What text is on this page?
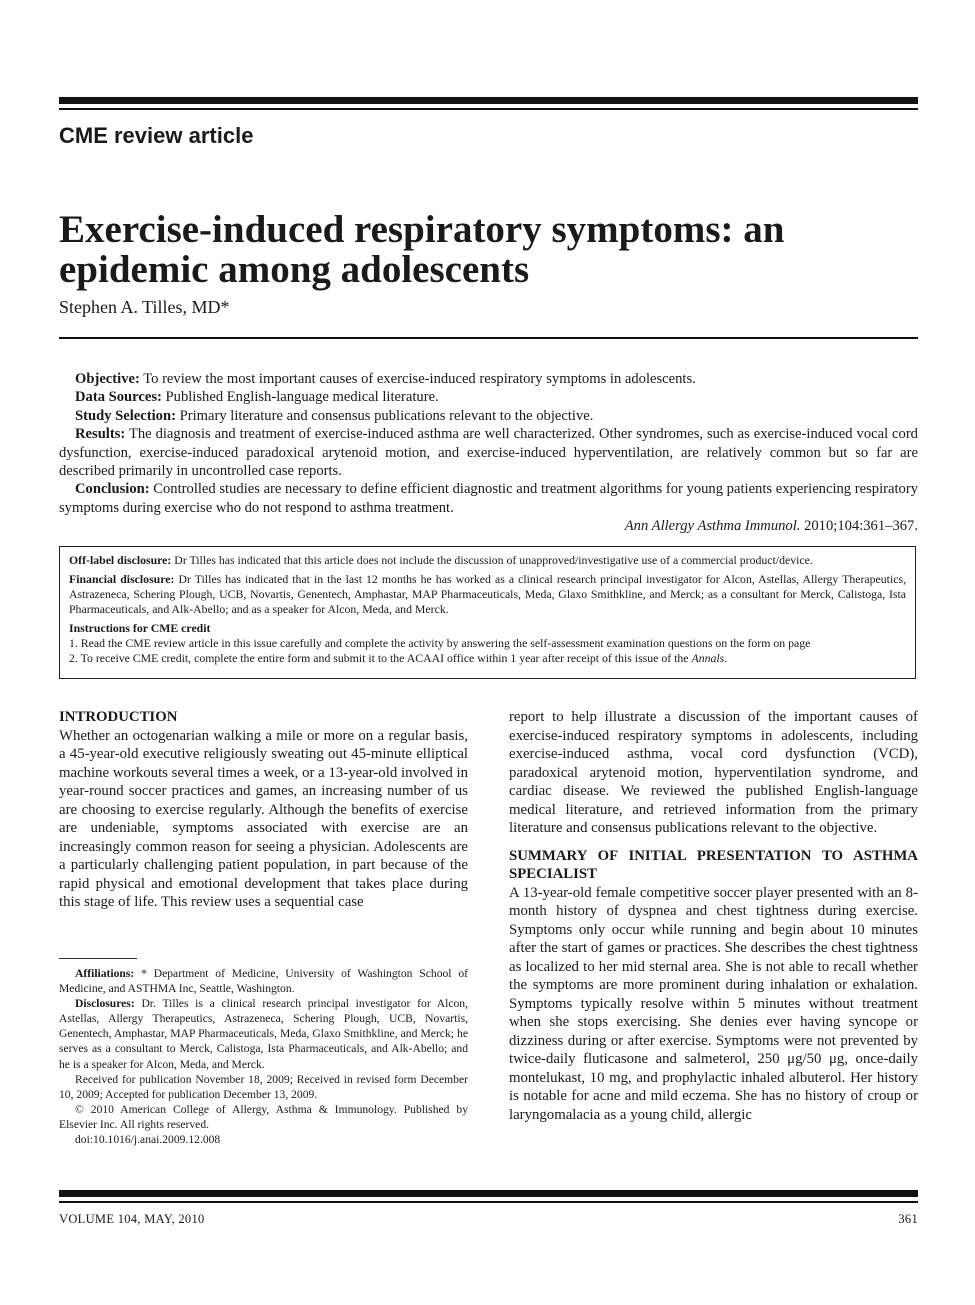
CME review article
Exercise-induced respiratory symptoms: an epidemic among adolescents
Stephen A. Tilles, MD*

Objective: To review the most important causes of exercise-induced respiratory symptoms in adolescents.

Data Sources: Published English-language medical literature.

Study Selection: Primary literature and consensus publications relevant to the objective.

Results: The diagnosis and treatment of exercise-induced asthma are well characterized. Other syndromes, such as exercise-induced vocal cord dysfunction, exercise-induced paradoxical arytenoid motion, and exercise-induced hyperventilation, are relatively common but so far are described primarily in uncontrolled case reports.

Conclusion: Controlled studies are necessary to define efficient diagnostic and treatment algorithms for young patients experiencing respiratory symptoms during exercise who do not respond to asthma treatment.

Ann Allergy Asthma Immunol. 2010;104:361–367.

Off-label disclosure: Dr Tilles has indicated that this article does not include the discussion of unapproved/investigative use of a commercial product/device.

Financial disclosure: Dr Tilles has indicated that in the last 12 months he has worked as a clinical research principal investigator for Alcon, Astellas, Allergy Therapeutics, Astrazeneca, Schering Plough, UCB, Novartis, Genentech, Amphastar, MAP Pharmaceuticals, Meda, Glaxo Smithkline, and Merck; as a consultant for Merck, Calistoga, Ista Pharmaceuticals, and Alk-Abello; and as a speaker for Alcon, Meda, and Merck.

Instructions for CME credit

1. Read the CME review article in this issue carefully and complete the activity by answering the self-assessment examination questions on the form on page

2. To receive CME credit, complete the entire form and submit it to the ACAAI office within 1 year after receipt of this issue of the Annals.

INTRODUCTION

Whether an octogenarian walking a mile or more on a regular basis, a 45-year-old executive religiously sweating out 45-minute elliptical machine workouts several times a week, or a 13-year-old involved in year-round soccer practices and games, an increasing number of us are choosing to exercise regularly. Although the benefits of exercise are undeniable, symptoms associated with exercise are an increasingly common reason for seeing a physician. Adolescents are a particularly challenging patient population, in part because of the rapid physical and emotional development that takes place during this stage of life. This review uses a sequential case

Affiliations: * Department of Medicine, University of Washington School of Medicine, and ASTHMA Inc, Seattle, Washington.

Disclosures: Dr. Tilles is a clinical research principal investigator for Alcon, Astellas, Allergy Therapeutics, Astrazeneca, Schering Plough, UCB, Novartis, Genentech, Amphastar, MAP Pharmaceuticals, Meda, Glaxo Smithkline, and Merck; he serves as a consultant to Merck, Calistoga, Ista Pharmaceuticals, and Alk-Abello; and he is a speaker for Alcon, Meda, and Merck.

Received for publication November 18, 2009; Received in revised form December 10, 2009; Accepted for publication December 13, 2009.

© 2010 American College of Allergy, Asthma & Immunology. Published by Elsevier Inc. All rights reserved.

doi:10.1016/j.anai.2009.12.008

report to help illustrate a discussion of the important causes of exercise-induced respiratory symptoms in adolescents, including exercise-induced asthma, vocal cord dysfunction (VCD), paradoxical arytenoid motion, hyperventilation syndrome, and cardiac disease. We reviewed the published English-language medical literature, and retrieved information from the primary literature and consensus publications relevant to the objective.

SUMMARY OF INITIAL PRESENTATION TO ASTHMA SPECIALIST

A 13-year-old female competitive soccer player presented with an 8-month history of dyspnea and chest tightness during exercise. Symptoms only occur while running and begin about 10 minutes after the start of games or practices. She describes the chest tightness as localized to her mid sternal area. She is not able to recall whether the symptoms are more prominent during inhalation or exhalation. Symptoms typically resolve within 5 minutes without treatment when she stops exercising. She denies ever having syncope or dizziness during or after exercise. Symptoms were not prevented by twice-daily fluticasone and salmeterol, 250 μg/50 μg, once-daily montelukast, 10 mg, and prophylactic inhaled albuterol. Her history is notable for acne and mild eczema. She has no history of croup or laryngomalacia as a young child, allergic

VOLUME 104, MAY, 2010	361
